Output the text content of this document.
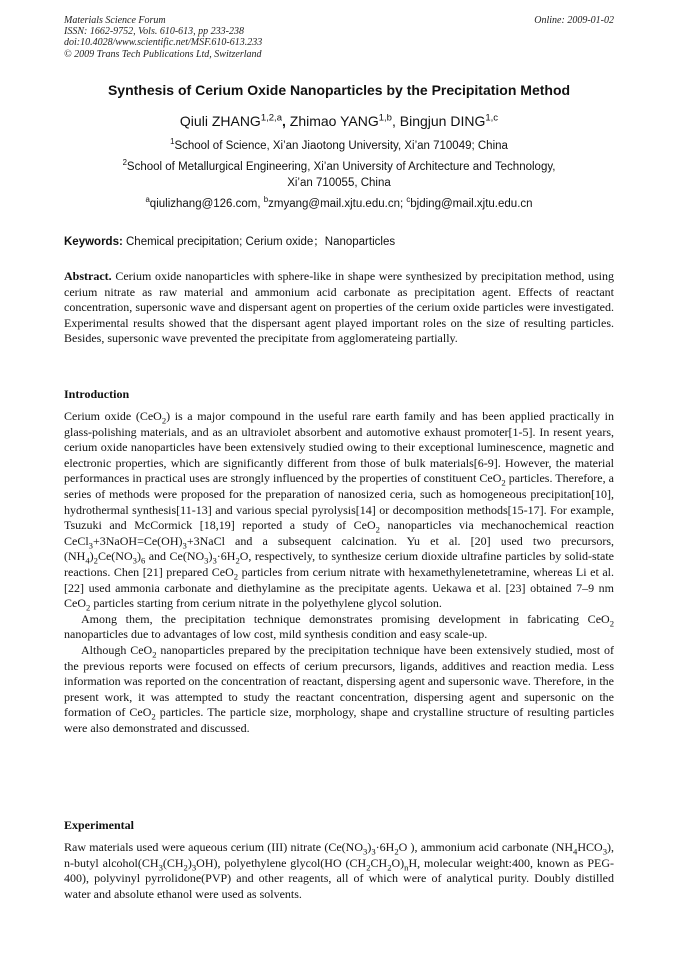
Materials Science Forum
ISSN: 1662-9752, Vols. 610-613, pp 233-238
doi:10.4028/www.scientific.net/MSF.610-613.233
© 2009 Trans Tech Publications Ltd, Switzerland
Online: 2009-01-02
Synthesis of Cerium Oxide Nanoparticles by the Precipitation Method
Qiuli ZHANG$^{1,2,a}$, Zhimao YANG$^{1,b}$, Bingjun DING$^{1,c}$
$^1$School of Science, Xi’an Jiaotong University, Xi’an 710049; China
$^2$School of Metallurgical Engineering, Xi’an University of Architecture and Technology,
Xi’an 710055, China
$^a$qiulizhang@126.com, $^b$zmyang@mail.xjtu.edu.cn; $^c$bjding@mail.xjtu.edu.cn
Keywords: Chemical precipitation; Cerium oxide；Nanoparticles

Abstract. Cerium oxide nanoparticles with sphere-like in shape were synthesized by precipitation method, using cerium nitrate as raw material and ammonium acid carbonate as precipitation agent. Effects of reactant concentration, supersonic wave and dispersant agent on properties of the cerium oxide particles were investigated. Experimental results showed that the dispersant agent played important roles on the size of resulting particles. Besides, supersonic wave prevented the precipitate from agglomerateing partially.

Introduction

Cerium oxide (CeO$_2$) is a major compound in the useful rare earth family and has been applied practically in glass-polishing materials, and as an ultraviolet absorbent and automotive exhaust promoter[1-5]. In resent years, cerium oxide nanoparticles have been extensively studied owing to their exceptional luminescence, magnetic and electronic properties, which are significantly different from those of bulk materials[6-9]. However, the material performances in practical uses are strongly influenced by the properties of constituent CeO$_2$ particles. Therefore, a series of methods were proposed for the preparation of nanosized ceria, such as homogeneous precipitation[10], hydrothermal synthesis[11-13] and various special pyrolysis[14] or decomposition methods[15-17]. For example, Tsuzuki and McCormick [18,19] reported a study of CeO$_2$ nanoparticles via mechanochemical reaction $CeCl_3+3NaOH=Ce(OH)_3+3NaCl$ and a subsequent calcination. Yu et al. [20] used two precursors, $(NH_4)_2Ce(NO_3)_6$ and $Ce(NO_3)_3\cdot 6H_2O$, respectively, to synthesize cerium dioxide ultrafine particles by solid-state reactions. Chen [21] prepared CeO$_2$ particles from cerium nitrate with hexamethylenetetramine, whereas Li et al. [22] used ammonia carbonate and diethylamine as the precipitate agents. Uekawa et al. [23] obtained 7–9 nm CeO$_2$ particles starting from cerium nitrate in the polyethylene glycol solution.

Among them, the precipitation technique demonstrates promising development in fabricating CeO$_2$ nanoparticles due to advantages of low cost, mild synthesis condition and easy scale-up.

Although CeO$_2$ nanoparticles prepared by the precipitation technique have been extensively studied, most of the previous reports were focused on effects of cerium precursors, ligands, additives and reaction media. Less information was reported on the concentration of reactant, dispersing agent and supersonic wave. Therefore, in the present work, it was attempted to study the reactant concentration, dispersing agent and supersonic on the formation of CeO$_2$ particles. The particle size, morphology, shape and crystalline structure of resulting particles were also demonstrated and discussed.

Experimental

Raw materials used were aqueous cerium (III) nitrate ($Ce(NO_3)_3\cdot 6H_2O$ ), ammonium acid carbonate $(NH_4HCO_3)$, n-butyl $alcohol(CH_3(CH_2)_3OH)$, polyethylene glycol(HO $(CH_2CH_2O)_nH$, molecular weight:400, known as PEG-400), polyvinyl pyrrolidone(PVP) and other reagents, all of which were of analytical purity. Doubly distilled water and absolute ethanol were used as solvents.
